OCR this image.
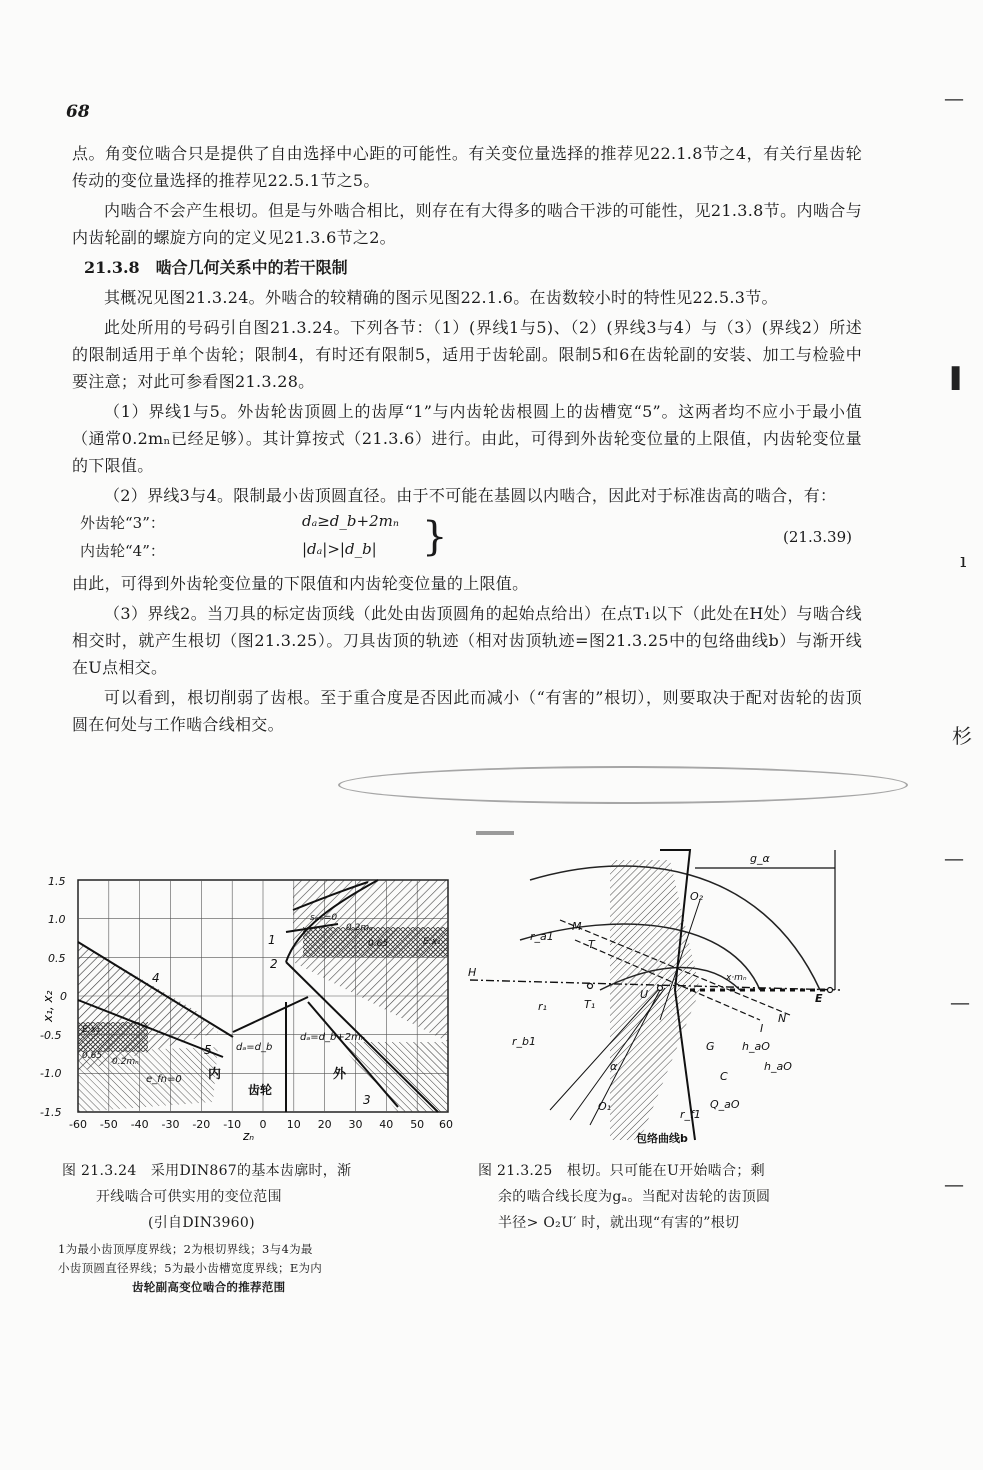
68

点。角变位啮合只是提供了自由选择中心距的可能性。有关变位量选择的推荐见22.1.8节之4，有关行星齿轮传动的变位量选择的推荐见22.5.1节之5。

内啮合不会产生根切。但是与外啮合相比，则存在有大得多的啮合干涉的可能性，见21.3.8节。内啮合与内齿轮副的螺旋方向的定义见21.3.6节之2。

21.3.8　啮合几何关系中的若干限制

其概况见图21.3.24。外啮合的较精确的图示见图22.1.6。在齿数较小时的特性见22.5.3节。

此处所用的号码引自图21.3.24。下列各节：（1）(界线1与5)、（2）(界线3与4）与（3）(界线2）所述的限制适用于单个齿轮；限制4，有时还有限制5，适用于齿轮副。限制5和6在齿轮副的安装、加工与检验中要注意；对此可参看图21.3.28。

（1）界线1与5。外齿轮齿顶圆上的齿厚“1”与内齿轮齿根圆上的齿槽宽“5”。这两者均不应小于最小值（通常0.2mₙ已经足够）。其计算按式（21.3.6）进行。由此，可得到外齿轮变位量的上限值，内齿轮变位量的下限值。

（2）界线3与4。限制最小齿顶圆直径。由于不可能在基圆以内啮合，因此对于标准齿高的啮合，有：

外齿轮“3”：	dₐ≥d_b+2mₙ
内齿轮“4”：	|dₐ|>|d_b| }	(21.3.39)

由此，可得到外齿轮变位量的下限值和内齿轮变位量的上限值。

（3）界线2。当刀具的标定齿顶线（此处由齿顶圆角的起始点给出）在点T₁以下（此处在H处）与啮合线相交时，就产生根切（图21.3.25）。刀具齿顶的轨迹（相对齿顶轨迹=图21.3.25中的包络曲线b）与渐开线在U点相交。

可以看到，根切削弱了齿根。至于重合度是否因此而减小（“有害的”根切），则要取决于配对齿轮的齿顶圆在何处与工作啮合线相交。

1.5
1.0
0.5
0
-0.5
-1.0
-1.5
-60 -50 -40 -30 -20 -10 0 10 20 30 40 50 60
zₙ
x₁, x₂
1
2
3
4
5
sₐₘ=0
0.2mₙ
0.65	E:x₁
E:x₁
0.65
0.2mₙ
e_fn=0
dₐ=d_b
dₐ=d_b+2mₙ
内
齿轮
外
图 21.3.24　采用DIN867的基本齿廓时，渐
开线啮合可供实用的变位范围
(引自DIN3960)
1为最小齿顶厚度界线；2为根切界线；3与4为最
小齿顶圆直径界线；5为最小齿槽宽度界线；E为内
齿轮副高变位啮合的推荐范围
g_α
M
T
H
T₁
U	E
O₁
O₂
r_a1
r₁
r_b1
α
G
C
h_aO
h_aO
r_f1
Q_aO
x·mₙ
N
I
包络曲线b
图 21.3.25　根切。只可能在U开始啮合；剩
余的啮合线长度为gₐ。当配对齿轮的齿顶圆
半径> O₂U′ 时，就出现“有害的”根切
—
▌
ı
杉
—
—
—
